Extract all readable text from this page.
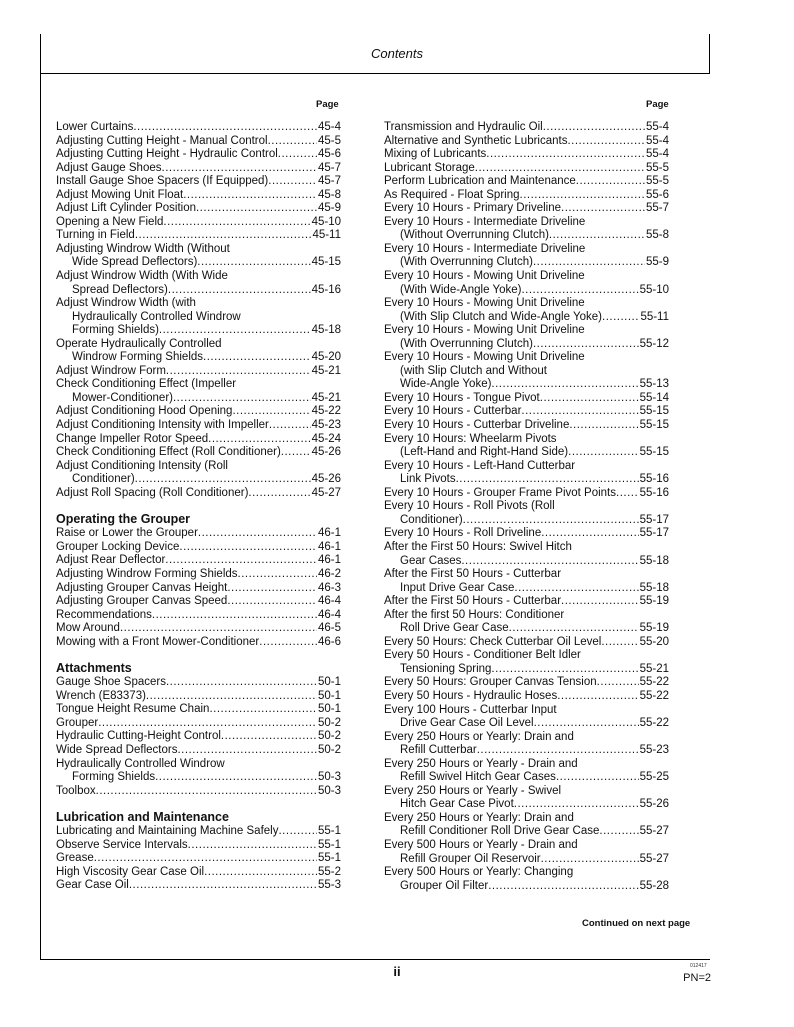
Contents
Page	Page
Lower Curtains .....	45-4
Adjusting Cutting Height - Manual Control .....	45-5
Adjusting Cutting Height - Hydraulic Control .....	45-6
Adjust Gauge Shoes .....	45-7
Install Gauge Shoe Spacers (If Equipped) .....	45-7
Adjust Mowing Unit Float .....	45-8
Adjust Lift Cylinder Position .....	45-9
Opening a New Field .....	45-10
Turning in Field .....	45-11
Adjusting Windrow Width (Without
Wide Spread Deflectors) .....	45-15
Adjust Windrow Width (With Wide
Spread Deflectors) .....	45-16
Adjust Windrow Width (with
Hydraulically Controlled Windrow
Forming Shields) .....	45-18
Operate Hydraulically Controlled
Windrow Forming Shields .....	45-20
Adjust Windrow Form .....	45-21
Check Conditioning Effect (Impeller
Mower-Conditioner) .....	45-21
Adjust Conditioning Hood Opening .....	45-22
Adjust Conditioning Intensity with Impeller .....	45-23
Change Impeller Rotor Speed .....	45-24
Check Conditioning Effect (Roll Conditioner) .....	45-26
Adjust Conditioning Intensity (Roll
Conditioner) .....	45-26
Adjust Roll Spacing (Roll Conditioner) .....	45-27
Operating the Grouper
Raise or Lower the Grouper .....	46-1
Grouper Locking Device .....	46-1
Adjust Rear Deflector .....	46-1
Adjusting Windrow Forming Shields .....	46-2
Adjusting Grouper Canvas Height .....	46-3
Adjusting Grouper Canvas Speed .....	46-4
Recommendations .....	46-4
Mow Around .....	46-5
Mowing with a Front Mower-Conditioner .....	46-6
Attachments
Gauge Shoe Spacers .....	50-1
Wrench (E83373) .....	50-1
Tongue Height Resume Chain .....	50-1
Grouper .....	50-2
Hydraulic Cutting-Height Control .....	50-2
Wide Spread Deflectors .....	50-2
Hydraulically Controlled Windrow
Forming Shields .....	50-3
Toolbox .....	50-3
Lubrication and Maintenance
Lubricating and Maintaining Machine Safely .....	55-1
Observe Service Intervals .....	55-1
Grease .....	55-1
High Viscosity Gear Case Oil .....	55-2
Gear Case Oil .....	55-3
Transmission and Hydraulic Oil .....	55-4
Alternative and Synthetic Lubricants .....	55-4
Mixing of Lubricants .....	55-4
Lubricant Storage .....	55-5
Perform Lubrication and Maintenance .....	55-5
As Required - Float Spring .....	55-6
Every 10 Hours - Primary Driveline .....	55-7
Every 10 Hours - Intermediate Driveline
(Without Overrunning Clutch) .....	55-8
Every 10 Hours - Intermediate Driveline
(With Overrunning Clutch) .....	55-9
Every 10 Hours - Mowing Unit Driveline
(With Wide-Angle Yoke) .....	55-10
Every 10 Hours - Mowing Unit Driveline
(With Slip Clutch and Wide-Angle Yoke) .....	55-11
Every 10 Hours - Mowing Unit Driveline
(With Overrunning Clutch) .....	55-12
Every 10 Hours - Mowing Unit Driveline
(with Slip Clutch and Without
Wide-Angle Yoke) .....	55-13
Every 10 Hours - Tongue Pivot .....	55-14
Every 10 Hours - Cutterbar .....	55-15
Every 10 Hours - Cutterbar Driveline .....	55-15
Every 10 Hours: Wheelarm Pivots
(Left-Hand and Right-Hand Side) .....	55-15
Every 10 Hours - Left-Hand Cutterbar
Link Pivots .....	55-16
Every 10 Hours - Grouper Frame Pivot Points ..... 55-16
Every 10 Hours - Roll Pivots (Roll
Conditioner) .....	55-17
Every 10 Hours - Roll Driveline .....	55-17
After the First 50 Hours: Swivel Hitch
Gear Cases .....	55-18
After the First 50 Hours - Cutterbar
Input Drive Gear Case .....	55-18
After the First 50 Hours - Cutterbar .....	55-19
After the first 50 Hours: Conditioner
Roll Drive Gear Case .....	55-19
Every 50 Hours: Check Cutterbar Oil Level .....	55-20
Every 50 Hours - Conditioner Belt Idler
Tensioning Spring .....	55-21
Every 50 Hours: Grouper Canvas Tension .....	55-22
Every 50 Hours - Hydraulic Hoses .....	55-22
Every 100 Hours - Cutterbar Input
Drive Gear Case Oil Level .....	55-22
Every 250 Hours or Yearly: Drain and
Refill Cutterbar .....	55-23
Every 250 Hours or Yearly - Drain and
Refill Swivel Hitch Gear Cases .....	55-25
Every 250 Hours or Yearly - Swivel
Hitch Gear Case Pivot .....	55-26
Every 250 Hours or Yearly: Drain and
Refill Conditioner Roll Drive Gear Case .....	55-27
Every 500 Hours or Yearly - Drain and
Refill Grouper Oil Reservoir .....	55-27
Every 500 Hours or Yearly: Changing
Grouper Oil Filter .....	55-28
Continued on next page
ii	012417
PN=2
